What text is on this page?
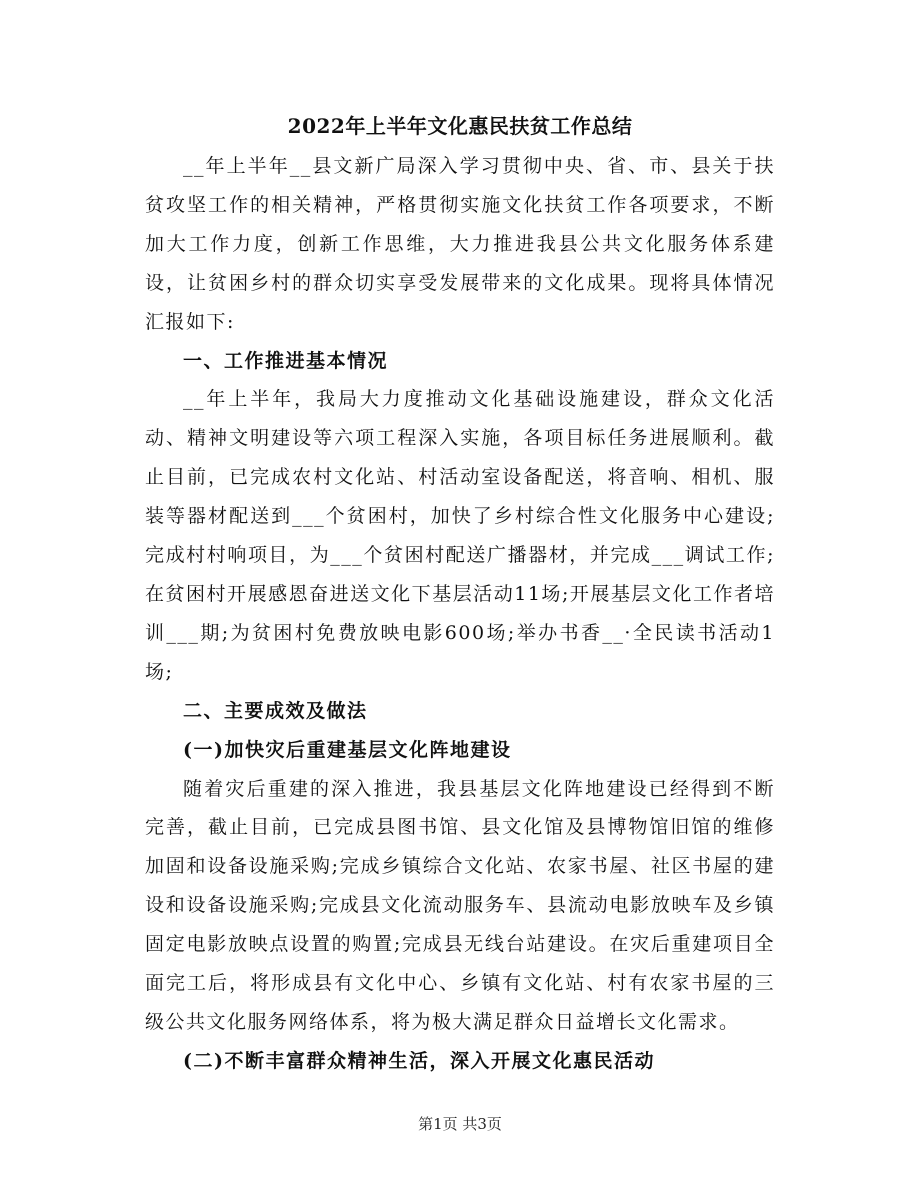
2022年上半年文化惠民扶贫工作总结

__年上半年__县文新广局深入学习贯彻中央、省、市、县关于扶贫攻坚工作的相关精神，严格贯彻实施文化扶贫工作各项要求，不断加大工作力度，创新工作思维，大力推进我县公共文化服务体系建设，让贫困乡村的群众切实享受发展带来的文化成果。现将具体情况汇报如下:

一、工作推进基本情况

__年上半年，我局大力度推动文化基础设施建设，群众文化活动、精神文明建设等六项工程深入实施，各项目标任务进展顺利。截止目前，已完成农村文化站、村活动室设备配送，将音响、相机、服装等器材配送到___个贫困村，加快了乡村综合性文化服务中心建设;完成村村响项目，为___个贫困村配送广播器材，并完成___调试工作;在贫困村开展感恩奋进送文化下基层活动11场;开展基层文化工作者培训___期;为贫困村免费放映电影600场;举办书香__·全民读书活动1场;

二、主要成效及做法
(一)加快灾后重建基层文化阵地建设

随着灾后重建的深入推进，我县基层文化阵地建设已经得到不断完善，截止目前，已完成县图书馆、县文化馆及县博物馆旧馆的维修加固和设备设施采购;完成乡镇综合文化站、农家书屋、社区书屋的建设和设备设施采购;完成县文化流动服务车、县流动电影放映车及乡镇固定电影放映点设置的购置;完成县无线台站建设。在灾后重建项目全面完工后，将形成县有文化中心、乡镇有文化站、村有农家书屋的三级公共文化服务网络体系，将为极大满足群众日益增长文化需求。

(二)不断丰富群众精神生活，深入开展文化惠民活动
第1页 共3页
